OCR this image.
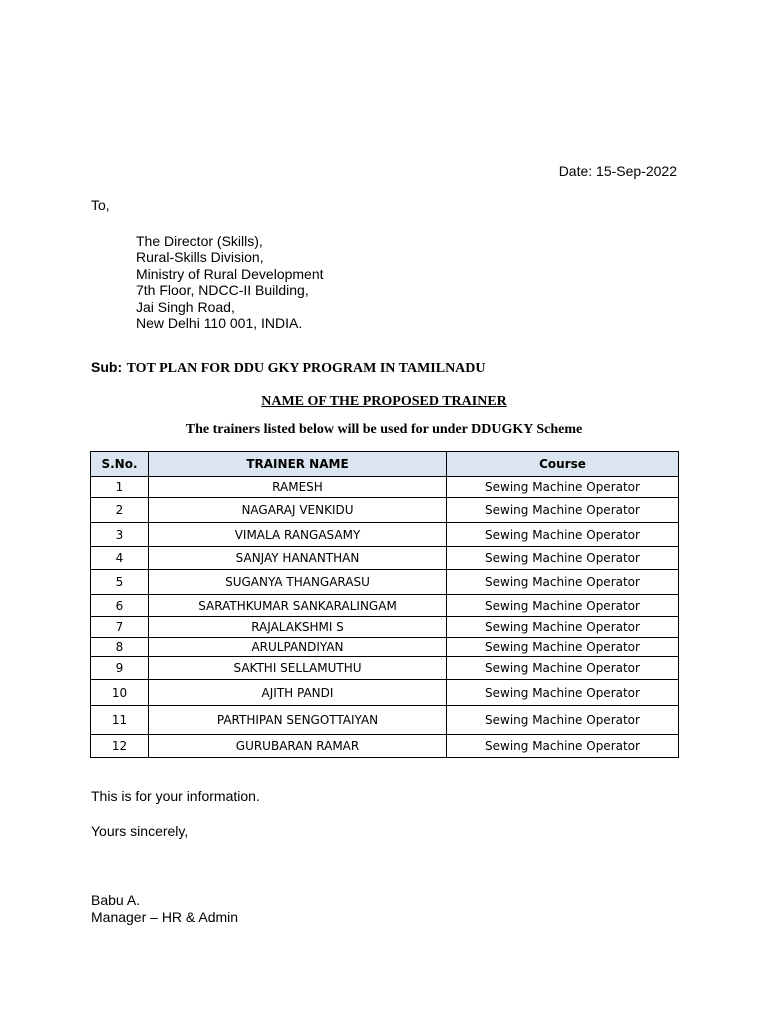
Date: 15-Sep-2022
To,
The Director (Skills),
Rural-Skills Division,
Ministry of Rural Development
7th Floor, NDCC-II Building,
Jai Singh Road,
New Delhi 110 001, INDIA.
Sub: TOT PLAN FOR DDU GKY PROGRAM IN TAMILNADU
NAME OF THE PROPOSED TRAINER
The trainers listed below will be used for under DDUGKY Scheme
S.No.	TRAINER NAME	Course
1	RAMESH	Sewing Machine Operator
2	NAGARAJ VENKIDU	Sewing Machine Operator
3	VIMALA RANGASAMY	Sewing Machine Operator
4	SANJAY HANANTHAN	Sewing Machine Operator
5	SUGANYA THANGARASU	Sewing Machine Operator
6	SARATHKUMAR SANKARALINGAM	Sewing Machine Operator
7	RAJALAKSHMI S	Sewing Machine Operator
8	ARULPANDIYAN	Sewing Machine Operator
9	SAKTHI SELLAMUTHU	Sewing Machine Operator
10	AJITH PANDI	Sewing Machine Operator
11	PARTHIPAN SENGOTTAIYAN	Sewing Machine Operator
12	GURUBARAN RAMAR	Sewing Machine Operator
This is for your information.
Yours sincerely,
Babu A.
Manager – HR & Admin
